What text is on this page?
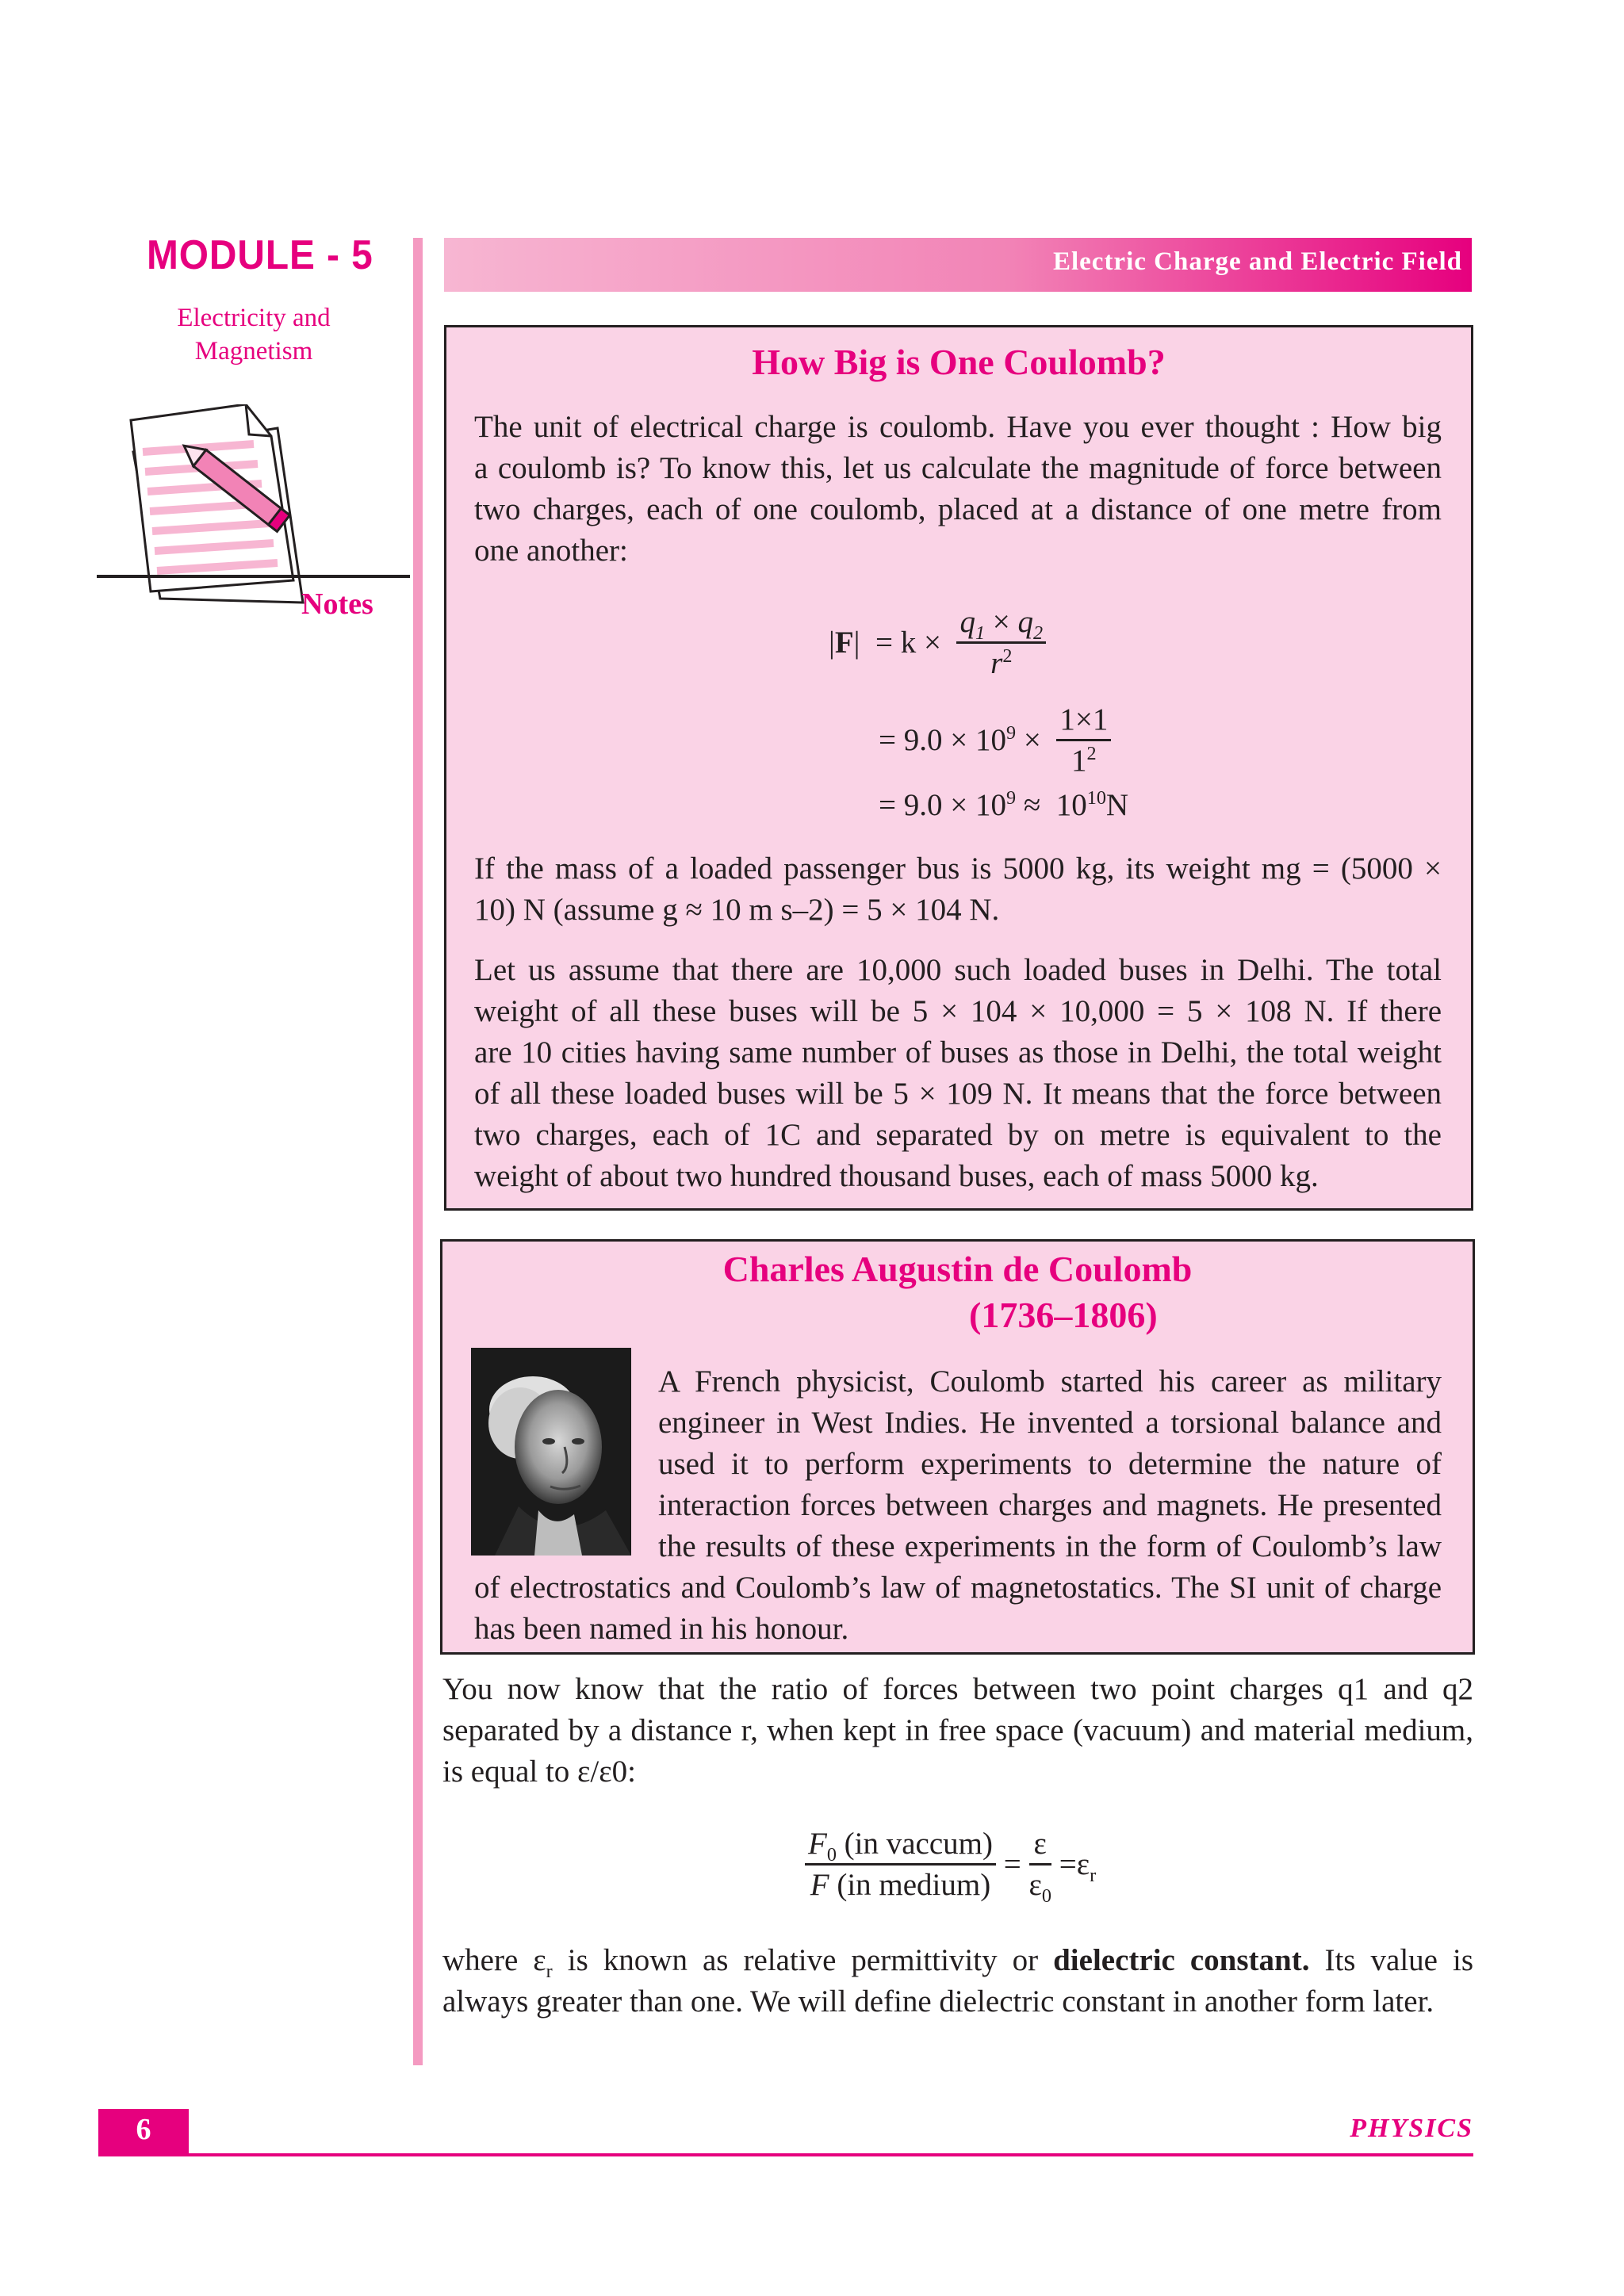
MODULE - 5
Electricity and
Magnetism
Notes
Electric Charge and Electric Field
How Big is One Coulomb?
The unit of electrical charge is coulomb. Have you ever thought : How big
a coulomb is? To know this, let us calculate the magnitude of force between
two charges, each of one coulomb, placed at a distance of one metre from
one another:
$|F| = k \times \frac{q_1 \times q_2}{r^2}$
= $9.0 \times 10^9 \times \frac{1\times 1}{1^2}$
= $9.0 \times 10^9 \approx 10^{10}N$
If the mass of a loaded passenger bus is 5000 kg, its weight mg = (5000 ×
10) N (assume g ≈ 10 m s–2) = 5 × 104 N.
Let us assume that there are 10,000 such loaded buses in Delhi. The total
weight of all these buses will be 5 × 104 × 10,000 = 5 × 108 N. If there
are 10 cities having same number of buses as those in Delhi, the total weight
of all these loaded buses will be 5 × 109 N. It means that the force between
two charges, each of 1C and separated by on metre is equivalent to the
weight of about two hundred thousand buses, each of mass 5000 kg.
Charles Augustin de Coulomb
(1736–1806)
A French physicist, Coulomb started his career as military
engineer in West Indies. He invented a torsional balance and
used it to perform experiments to determine the nature of
interaction forces between charges and magnets. He presented
the results of these experiments in the form of Coulomb’s law
of electrostatics and Coulomb’s law of magnetostatics. The SI unit of charge
has been named in his honour.
You now know that the ratio of forces between two point charges q1 and q2
separated by a distance r, when kept in free space (vacuum) and material medium,
is equal to ε/ε0:
$\frac{F_0 (in vaccum)}{\text{F (in medium)}} = \frac{\varepsilon}{\varepsilon_0} =\varepsilon_r$
where $\varepsilon_r$ is known as relative permittivity or dielectric constant. Its value is
always greater than one. We will define dielectric constant in another form later.
6	PHYSICS
